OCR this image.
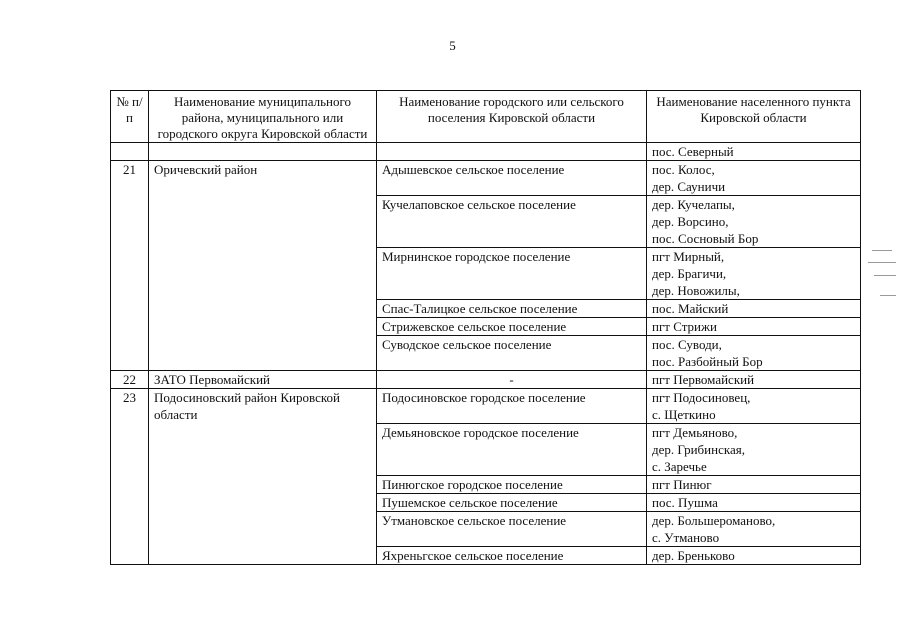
5
№ п/п	Наименование муниципального района, муниципального или городского округа Кировской области	Наименование городского или сельского поселения Кировской области	Наименование населенного пункта Кировской области

			пос. Северный

21	Оричевский район	Адышевское сельское поселение	пос. Колос,
дер. Сауничи

		Кучелаповское сельское поселение	дер. Кучелапы,
дер. Ворсино,
пос. Сосновый Бор

		Мирнинское городское поселение	пгт Мирный,
дер. Брагичи,
дер. Новожилы,

		Спас-Талицкое сельское поселение	пос. Майский

		Стрижевское сельское поселение	пгт Стрижи

		Суводское сельское поселение	пос. Суводи,
пос. Разбойный Бор

22	ЗАТО Первомайский	-	пгт Первомайский

23	Подосиновский район Кировской области	Подосиновское городское поселение	пгт Подосиновец,
с. Щеткино

		Демьяновское городское поселение	пгт Демьяново,
дер. Грибинская,
с. Заречье

		Пинюгское городское поселение	пгт Пинюг

		Пушемское сельское поселение	пос. Пушма

		Утмановское сельское поселение	дер. Большероманово,
с. Утманово

		Яхреньгское сельское поселение	дер. Бреньково
